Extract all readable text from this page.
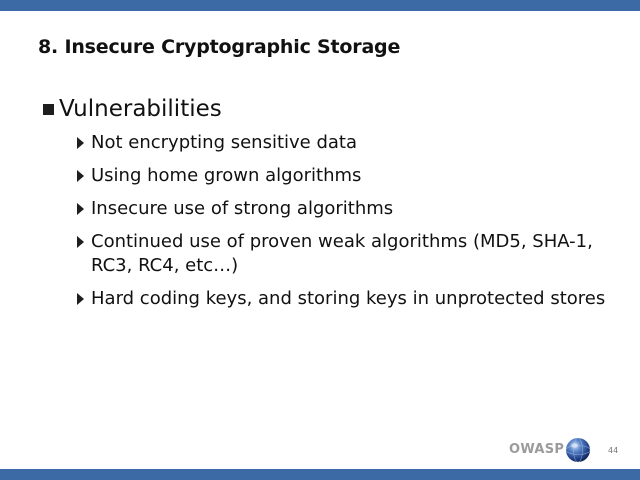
8. Insecure Cryptographic Storage
Vulnerabilities
Not encrypting sensitive data
Using home grown algorithms
Insecure use of strong algorithms
Continued use of proven weak algorithms (MD5, SHA-1, RC3, RC4, etc…)
Hard coding keys, and storing keys in unprotected stores
OWASP	44
